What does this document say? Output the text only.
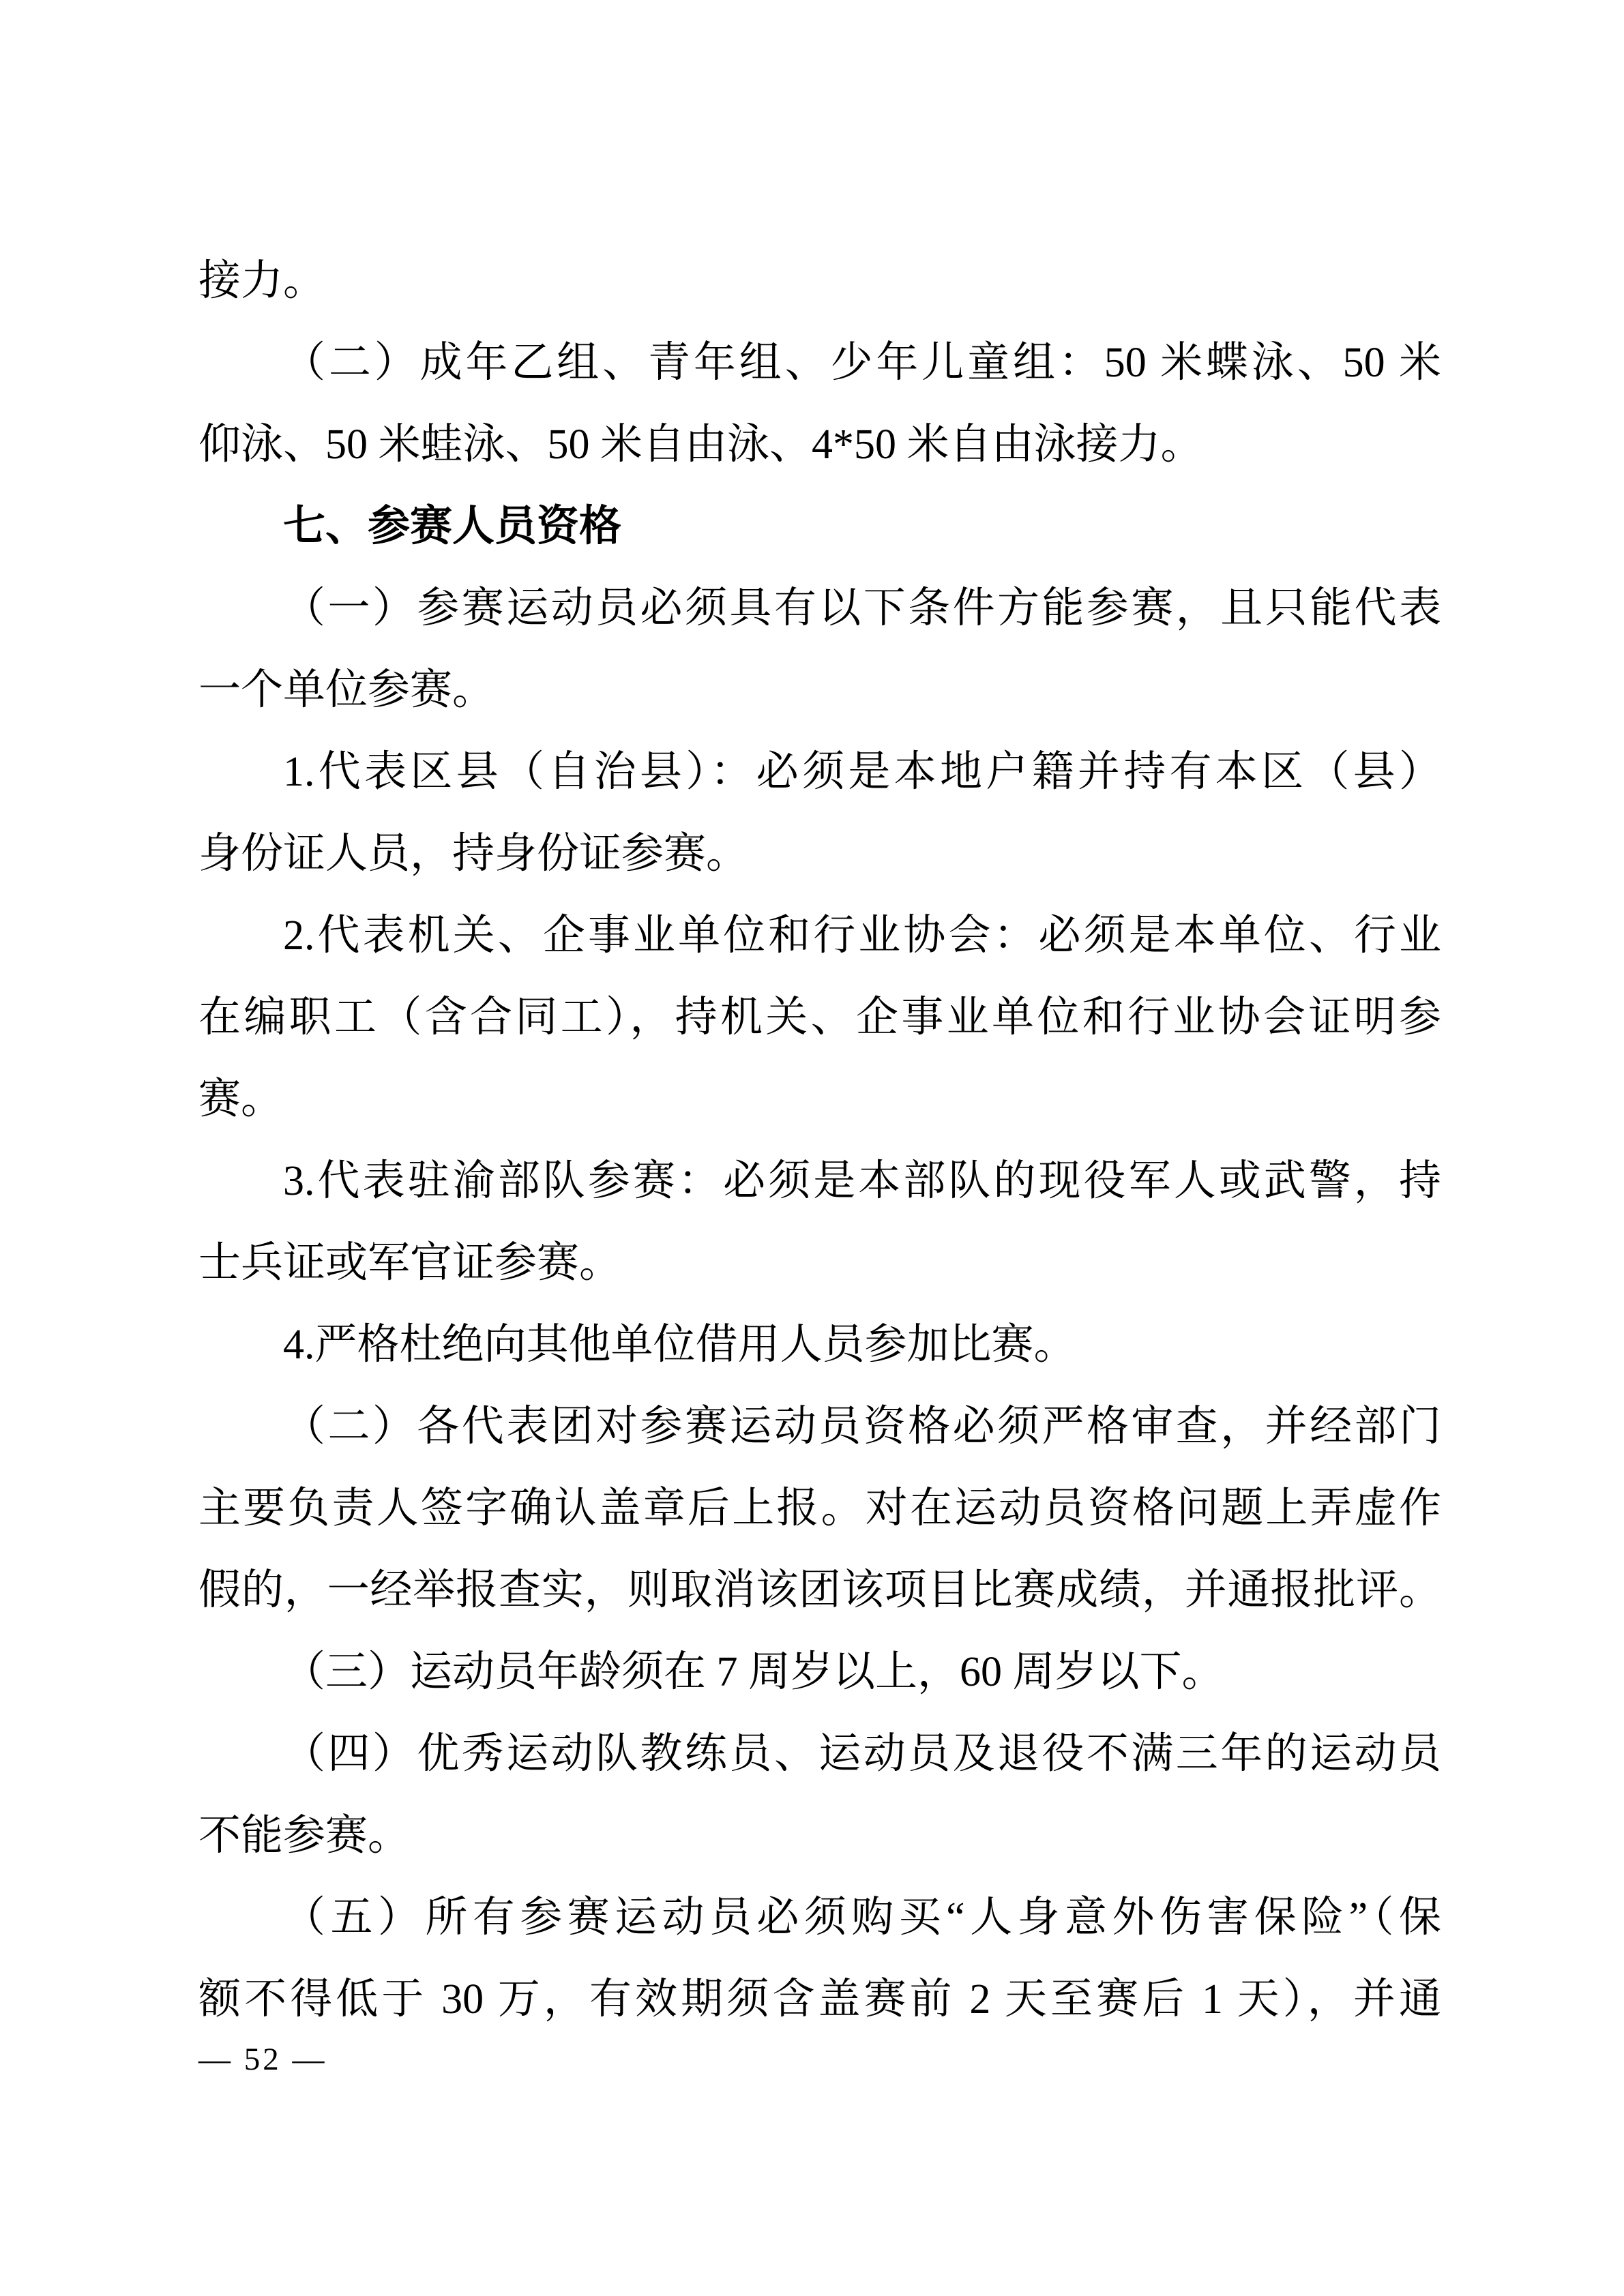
接力。
（二）成年乙组、青年组、少年儿童组：50 米蝶泳、50 米
仰泳、50 米蛙泳、50 米自由泳、4*50 米自由泳接力。
七、参赛人员资格
（一）参赛运动员必须具有以下条件方能参赛，且只能代表
一个单位参赛。
1.代表区县（自治县）：必须是本地户籍并持有本区（县）
身份证人员，持身份证参赛。
2.代表机关、企事业单位和行业协会：必须是本单位、行业
在编职工（含合同工），持机关、企事业单位和行业协会证明参
赛。
3.代表驻渝部队参赛：必须是本部队的现役军人或武警，持
士兵证或军官证参赛。
4.严格杜绝向其他单位借用人员参加比赛。
（二）各代表团对参赛运动员资格必须严格审查，并经部门
主要负责人签字确认盖章后上报。对在运动员资格问题上弄虚作
假的，一经举报查实，则取消该团该项目比赛成绩，并通报批评。
（三）运动员年龄须在 7 周岁以上，60 周岁以下。
（四）优秀运动队教练员、运动员及退役不满三年的运动员
不能参赛。
（五）所有参赛运动员必须购买“人身意外伤害保险”（保
额不得低于 30 万，有效期须含盖赛前 2 天至赛后 1 天），并通
— 52 —
